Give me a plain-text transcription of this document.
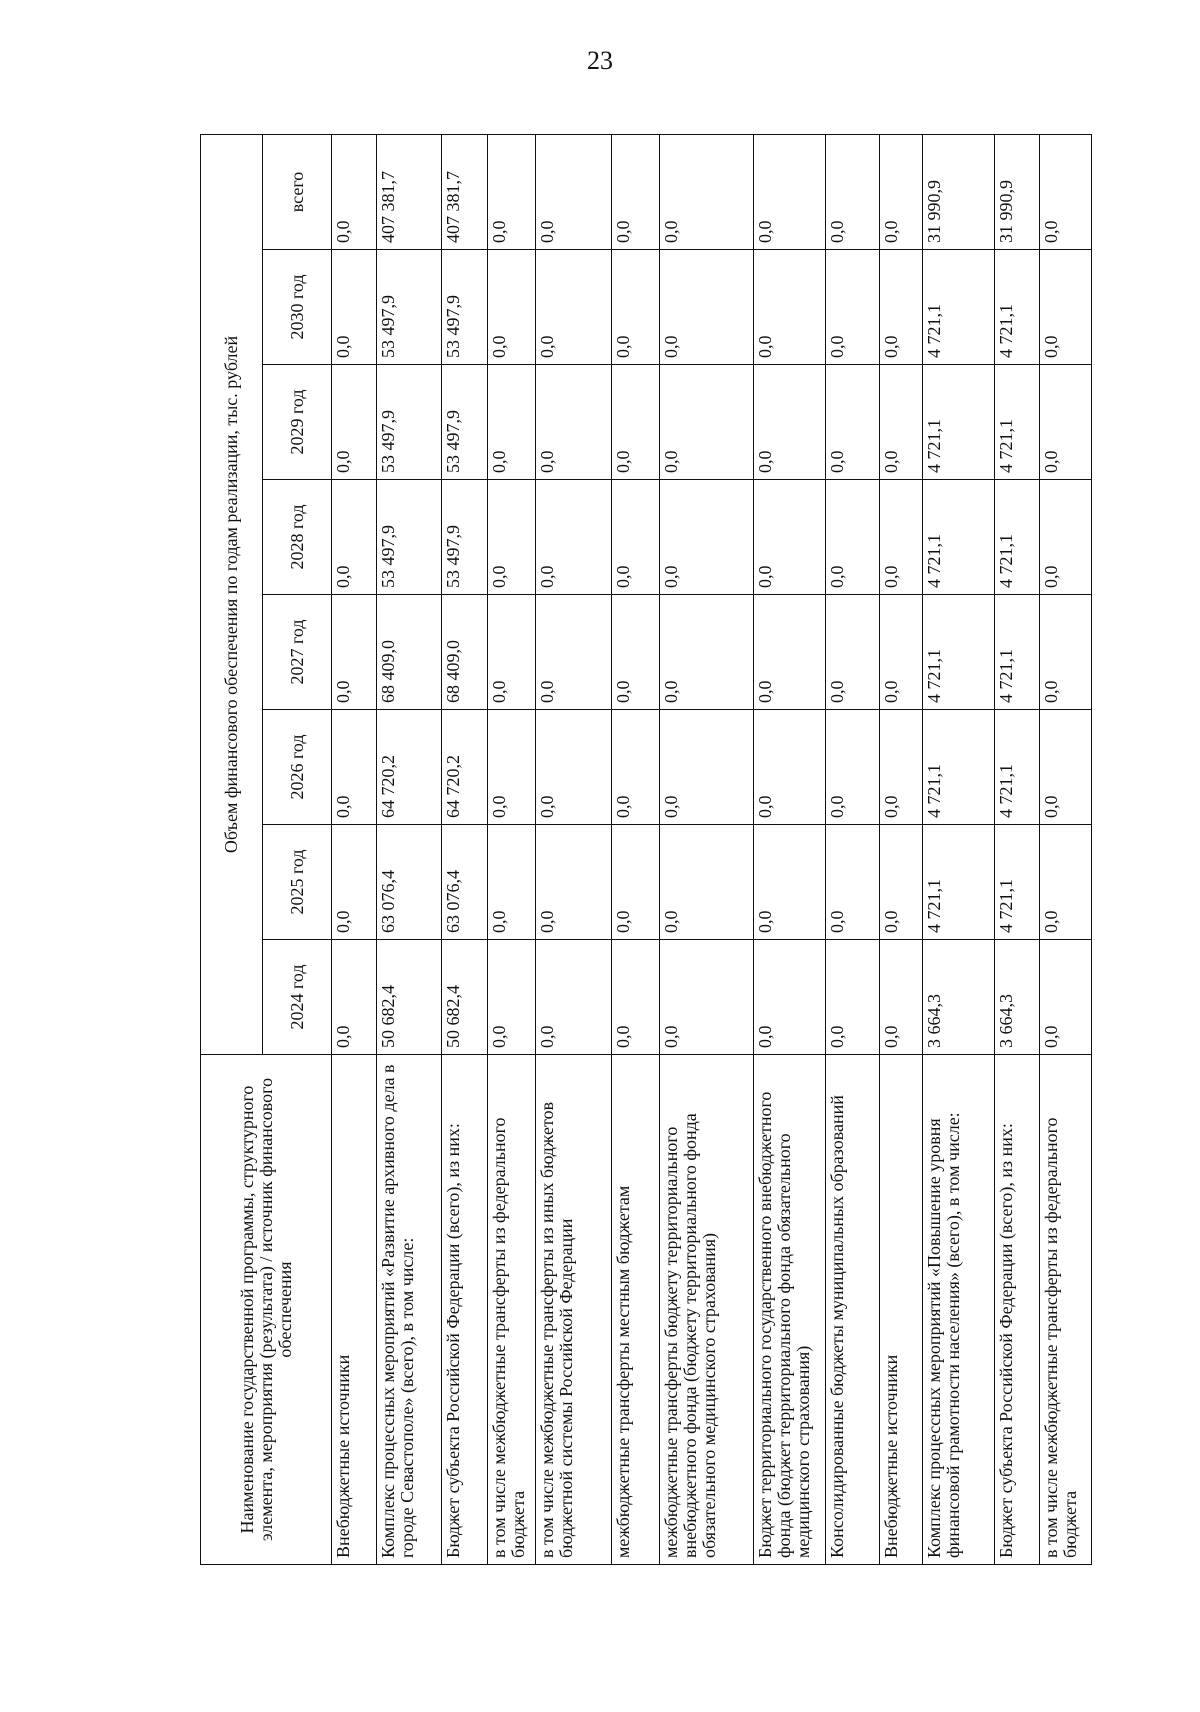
23
Наименование государственной программы, структурного элемента, мероприятия (результата) / источник финансового обеспечения	Объем финансового обеспечения по годам реализации, тыс. рублей							
	2024 год	2025 год	2026 год	2027 год	2028 год	2029 год	2030 год	всего
Внебюджетные источники	0,0	0,0	0,0	0,0	0,0	0,0	0,0	0,0
Комплекс процессных мероприятий «Развитие архивного дела в городе Севастополе» (всего), в том числе:	50 682,4	63 076,4	64 720,2	68 409,0	53 497,9	53 497,9	53 497,9	407 381,7
Бюджет субъекта Российской Федерации (всего), из них:	50 682,4	63 076,4	64 720,2	68 409,0	53 497,9	53 497,9	53 497,9	407 381,7
в том числе межбюджетные трансферты из федерального бюджета	0,0	0,0	0,0	0,0	0,0	0,0	0,0	0,0
в том числе межбюджетные трансферты из иных бюджетов бюджетной системы Российской Федерации	0,0	0,0	0,0	0,0	0,0	0,0	0,0	0,0
межбюджетные трансферты местным бюджетам	0,0	0,0	0,0	0,0	0,0	0,0	0,0	0,0
межбюджетные трансферты бюджету территориального внебюджетного фонда (бюджету территориального фонда обязательного медицинского страхования)	0,0	0,0	0,0	0,0	0,0	0,0	0,0	0,0
Бюджет территориального государственного внебюджетного фонда (бюджет территориального фонда обязательного медицинского страхования)	0,0	0,0	0,0	0,0	0,0	0,0	0,0	0,0
Консолидированные бюджеты муниципальных образований	0,0	0,0	0,0	0,0	0,0	0,0	0,0	0,0
Внебюджетные источники	0,0	0,0	0,0	0,0	0,0	0,0	0,0	0,0
Комплекс процессных мероприятий «Повышение уровня финансовой грамотности населения» (всего), в том числе:	3 664,3	4 721,1	4 721,1	4 721,1	4 721,1	4 721,1	4 721,1	31 990,9
Бюджет субъекта Российской Федерации (всего), из них:	3 664,3	4 721,1	4 721,1	4 721,1	4 721,1	4 721,1	4 721,1	31 990,9
в том числе межбюджетные трансферты из федерального бюджета	0,0	0,0	0,0	0,0	0,0	0,0	0,0	0,0
